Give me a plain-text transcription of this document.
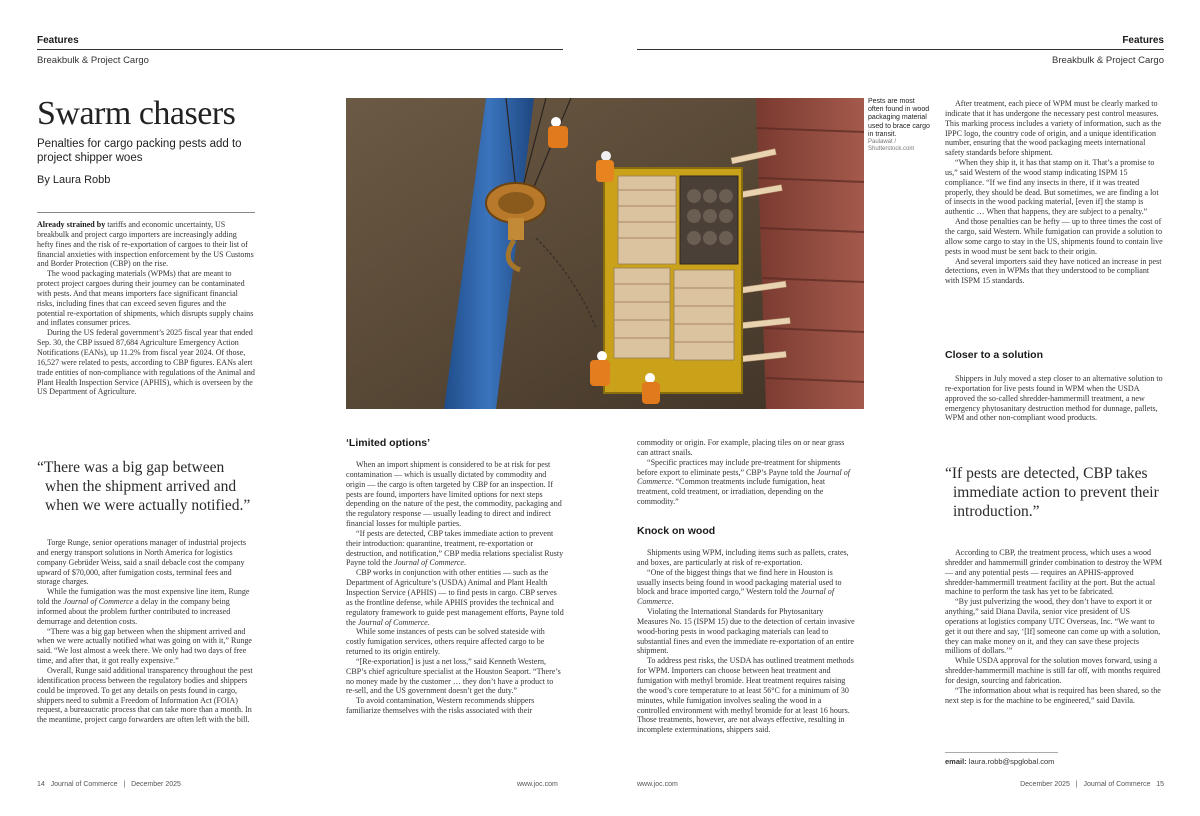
Features
Breakbulk & Project Cargo
Features
Breakbulk & Project Cargo
Swarm chasers
Penalties for cargo packing pests add to project shipper woes
By Laura Robb

Already strained by tariffs and economic uncertainty, US breakbulk and project cargo importers are increasingly adding hefty fines and the risk of re-exportation of cargoes to their list of financial anxieties with inspection enforcement by the US Customs and Border Protection (CBP) on the rise.

The wood packaging materials (WPMs) that are meant to protect project cargoes during their journey can be contaminated with pests. And that means importers face significant financial risks, including fines that can exceed seven figures and the potential re-exportation of shipments, which disrupts supply chains and inflates consumer prices.

During the US federal government’s 2025 fiscal year that ended Sep. 30, the CBP issued 87,684 Agriculture Emergency Action Notifications (EANs), up 11.2% from fiscal year 2024. Of those, 16,527 were related to pests, according to CBP figures. EANs alert trade entities of non-compliance with regulations of the Animal and Plant Health Inspection Service (APHIS), which is overseen by the US Department of Agriculture.

“There was a big gap between
when the shipment arrived and when we were actually notified.”

Torge Runge, senior operations manager of industrial projects and energy transport solutions in North America for logistics company Gebrüder Weiss, said a snail debacle cost the company upward of $70,000, after fumigation costs, terminal fees and storage charges.

While the fumigation was the most expensive line item, Runge told the Journal of Commerce a delay in the company being informed about the problem further contributed to increased demurrage and detention costs.

“There was a big gap between when the shipment arrived and when we were actually notified what was going on with it,” Runge said. “We lost almost a week there. We only had two days of free time, and after that, it got really expensive.”

Overall, Runge said additional transparency throughout the pest identification process between the regulatory bodies and shippers could be improved. To get any details on pests found in cargo, shippers need to submit a Freedom of Information Act (FOIA) request, a bureaucratic process that can take more than a month. In the meantime, project cargo forwarders are often left with the bill.

Pests are most often found in wood packaging material used to brace cargo in transit.
Paulawat / Shutterstock.com
‘Limited options’

When an import shipment is considered to be at risk for pest contamination — which is usually dictated by commodity and origin — the cargo is often targeted by CBP for an inspection. If pests are found, importers have limited options for next steps depending on the nature of the pest, the commodity, packaging and the regulatory response — usually leading to direct and indirect financial losses for multiple parties.

“If pests are detected, CBP takes immediate action to prevent their introduction: quarantine, treatment, re-exportation or destruction, and notification,” CBP media relations specialist Rusty Payne told the Journal of Commerce.

CBP works in conjunction with other entities — such as the Department of Agriculture’s (USDA) Animal and Plant Health Inspection Service (APHIS) — to find pests in cargo. CBP serves as the frontline defense, while APHIS provides the technical and regulatory framework to guide pest management efforts, Payne told the Journal of Commerce.

While some instances of pests can be solved stateside with costly fumigation services, others require affected cargo to be returned to its origin entirely.

“[Re-exportation] is just a net loss,” said Kenneth Western, CBP’s chief agriculture specialist at the Houston Seaport. “There’s no money made by the customer … they don’t have a product to re-sell, and the US government doesn’t get the duty.”

To avoid contamination, Western recommends shippers familiarize themselves with the risks associated with their

commodity or origin. For example, placing tiles on or near grass can attract snails.

“Specific practices may include pre-treatment for shipments before export to eliminate pests,” CBP’s Payne told the Journal of Commerce. “Common treatments include fumigation, heat treatment, cold treatment, or irradiation, depending on the commodity.”

Knock on wood

Shipments using WPM, including items such as pallets, crates, and boxes, are particularly at risk of re-exportation.

“One of the biggest things that we find here in Houston is usually insects being found in wood packaging material used to block and brace imported cargo,” Western told the Journal of Commerce.

Violating the International Standards for Phytosanitary Measures No. 15 (ISPM 15) due to the detection of certain invasive wood-boring pests in wood packaging materials can lead to substantial fines and even the immediate re-exportation of an entire shipment.

To address pest risks, the USDA has outlined treatment methods for WPM. Importers can choose between heat treatment and fumigation with methyl bromide. Heat treatment requires raising the wood’s core temperature to at least 56°C for a minimum of 30 minutes, while fumigation involves sealing the wood in a controlled environment with methyl bromide for at least 16 hours. Those treatments, however, are not always effective, resulting in incomplete exterminations, shippers said.

After treatment, each piece of WPM must be clearly marked to indicate that it has undergone the necessary pest control measures. This marking process includes a variety of information, such as the IPPC logo, the country code of origin, and a unique identification number, ensuring that the wood packaging meets international safety standards before shipment.

“When they ship it, it has that stamp on it. That’s a promise to us,” said Western of the wood stamp indicating ISPM 15 compliance. “If we find any insects in there, if it was treated properly, they should be dead. But sometimes, we are finding a lot of insects in the wood packing material, [even if] the stamp is authentic … When that happens, they are subject to a penalty.”

And those penalties can be hefty — up to three times the cost of the cargo, said Western. While fumigation can provide a solution to allow some cargo to stay in the US, shipments found to contain live pests in wood must be sent back to their origin.

And several importers said they have noticed an increase in pest detections, even in WPMs that they understood to be compliant with ISPM 15 standards.

Closer to a solution

Shippers in July moved a step closer to an alternative solution to re-exportation for live pests found in WPM when the USDA approved the so-called shredder-hammermill treatment, a new emergency phytosanitary destruction method for dunnage, pallets, WPM and other non-compliant wood products.

“If pests are detected, CBP takes
immediate action to prevent their introduction.”

According to CBP, the treatment process, which uses a wood shredder and hammermill grinder combination to destroy the WPM — and any potential pests — requires an APHIS-approved shredder-hammermill treatment facility at the port. But the actual machine to perform the task has yet to be fabricated.

“By just pulverizing the wood, they don’t have to export it or anything,” said Diana Davila, senior vice president of US operations at logistics company UTC Overseas, Inc. “We want to get it out there and say, ‘[If] someone can come up with a solution, they can make money on it, and they can save these projects millions of dollars.’”

While USDA approval for the solution moves forward, using a shredder-hammermill machine is still far off, with months required for design, sourcing and fabrication.

“The information about what is required has been shared, so the next step is for the machine to be engineered,” said Davila.

email: laura.robb@spglobal.com
14 Journal of Commerce | December 2025	www.joc.com	www.joc.com	December 2025 | Journal of Commerce 15
